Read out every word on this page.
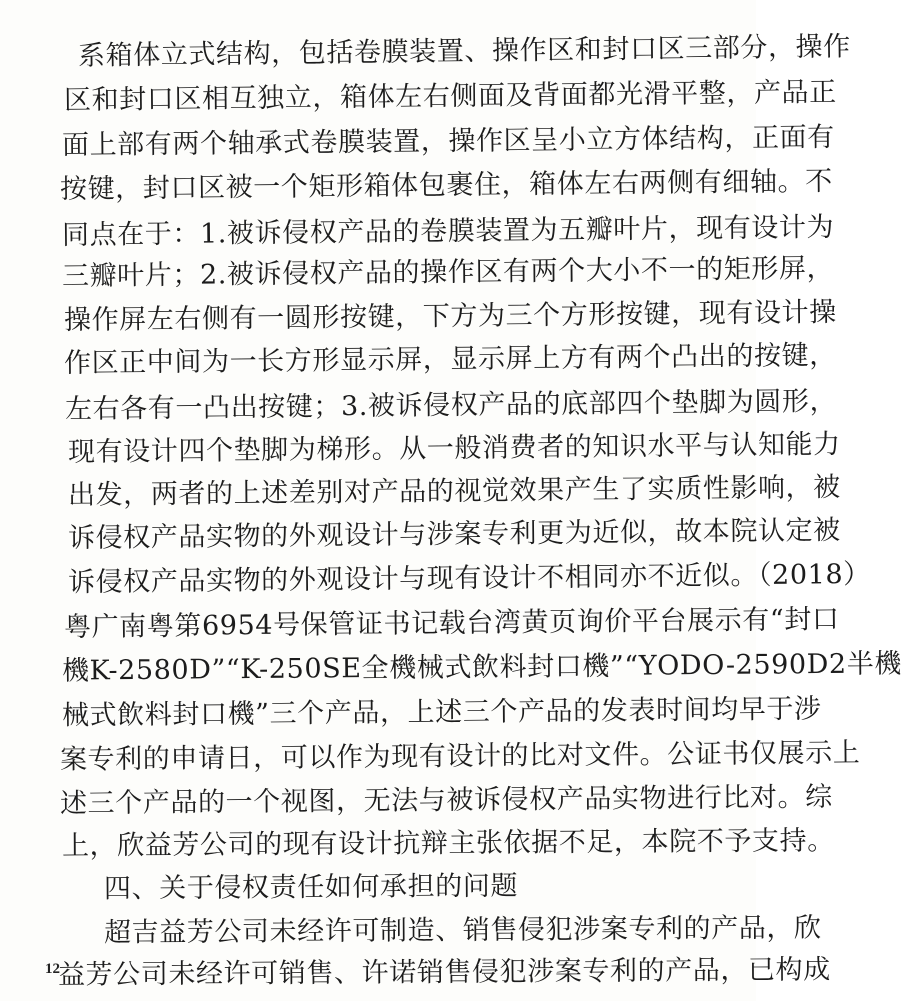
系箱体立式结构，包括卷膜装置、操作区和封口区三部分，操作
区和封口区相互独立，箱体左右侧面及背面都光滑平整，产品正
面上部有两个轴承式卷膜装置，操作区呈小立方体结构，正面有
按键，封口区被一个矩形箱体包裹住，箱体左右两侧有细轴。不
同点在于：1.被诉侵权产品的卷膜装置为五瓣叶片，现有设计为
三瓣叶片；2.被诉侵权产品的操作区有两个大小不一的矩形屏，
操作屏左右侧有一圆形按键，下方为三个方形按键，现有设计操
作区正中间为一长方形显示屏，显示屏上方有两个凸出的按键，
左右各有一凸出按键；3.被诉侵权产品的底部四个垫脚为圆形，
现有设计四个垫脚为梯形。从一般消费者的知识水平与认知能力
出发，两者的上述差别对产品的视觉效果产生了实质性影响，被
诉侵权产品实物的外观设计与涉案专利更为近似，故本院认定被
诉侵权产品实物的外观设计与现有设计不相同亦不近似。（2018）
粤广南粤第6954号保管证书记载台湾黄页询价平台展示有“封口
機K-2580D”“K-250SE全機械式飲料封口機”“YODO-2590D2半機
械式飲料封口機”三个产品，上述三个产品的发表时间均早于涉
案专利的申请日，可以作为现有设计的比对文件。公证书仅展示上
述三个产品的一个视图，无法与被诉侵权产品实物进行比对。综
上，欣益芳公司的现有设计抗辩主张依据不足，本院不予支持。
四、关于侵权责任如何承担的问题
超吉益芳公司未经许可制造、销售侵犯涉案专利的产品，欣
益芳公司未经许可销售、许诺销售侵犯涉案专利的产品，已构成
12
